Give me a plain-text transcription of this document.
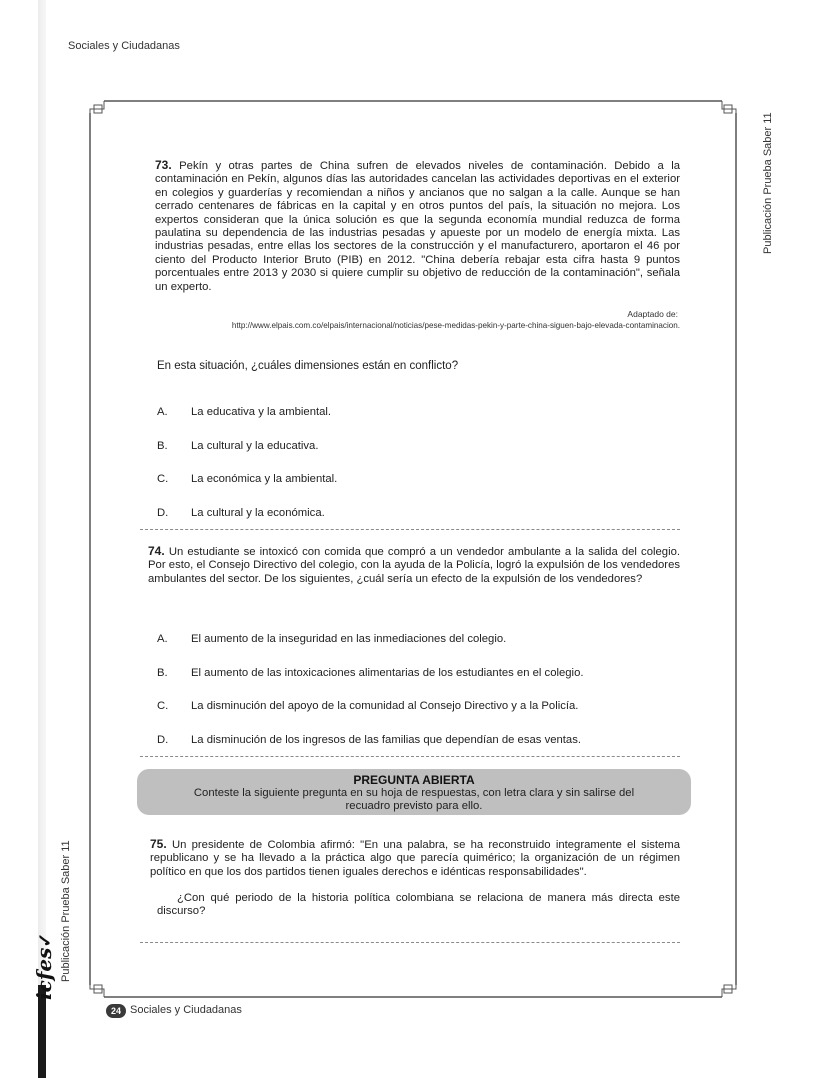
Sociales y Ciudadanas
Publicación Prueba Saber 11
Publicación Prueba Saber 11
icfes✓
73. Pekín y otras partes de China sufren de elevados niveles de contaminación. Debido a la contaminación en Pekín, algunos días las autoridades cancelan las actividades deportivas en el exterior en colegios y guarderías y recomiendan a niños y ancianos que no salgan a la calle. Aunque se han cerrado centenares de fábricas en la capital y en otros puntos del país, la situación no mejora. Los expertos consideran que la única solución es que la segunda economía mundial reduzca de forma paulatina su dependencia de las industrias pesadas y apueste por un modelo de energía mixta. Las industrias pesadas, entre ellas los sectores de la construcción y el manufacturero, aportaron el 46 por ciento del Producto Interior Bruto (PIB) en 2012. "China debería rebajar esta cifra hasta 9 puntos porcentuales entre 2013 y 2030 si quiere cumplir su objetivo de reducción de la contaminación", señala un experto.
Adaptado de:
http://www.elpais.com.co/elpais/internacional/noticias/pese-medidas-pekin-y-parte-china-siguen-bajo-elevada-contaminacion.
En esta situación, ¿cuáles dimensiones están en conflicto?
A. La educativa y la ambiental.
B. La cultural y la educativa.
C. La económica y la ambiental.
D. La cultural y la económica.
74. Un estudiante se intoxicó con comida que compró a un vendedor ambulante a la salida del colegio. Por esto, el Consejo Directivo del colegio, con la ayuda de la Policía, logró la expulsión de los vendedores ambulantes del sector. De los siguientes, ¿cuál sería un efecto de la expulsión de los vendedores?
A. El aumento de la inseguridad en las inmediaciones del colegio.
B. El aumento de las intoxicaciones alimentarias de los estudiantes en el colegio.
C. La disminución del apoyo de la comunidad al Consejo Directivo y a la Policía.
D. La disminución de los ingresos de las familias que dependían de esas ventas.
PREGUNTA ABIERTA
Conteste la siguiente pregunta en su hoja de respuestas, con letra clara y sin salirse del recuadro previsto para ello.
75. Un presidente de Colombia afirmó: "En una palabra, se ha reconstruido integramente el sistema republicano y se ha llevado a la práctica algo que parecía quimérico; la organización de un régimen político en que los dos partidos tienen iguales derechos e idénticas responsabilidades".
¿Con qué periodo de la historia política colombiana se relaciona de manera más directa este discurso?
24 Sociales y Ciudadanas
